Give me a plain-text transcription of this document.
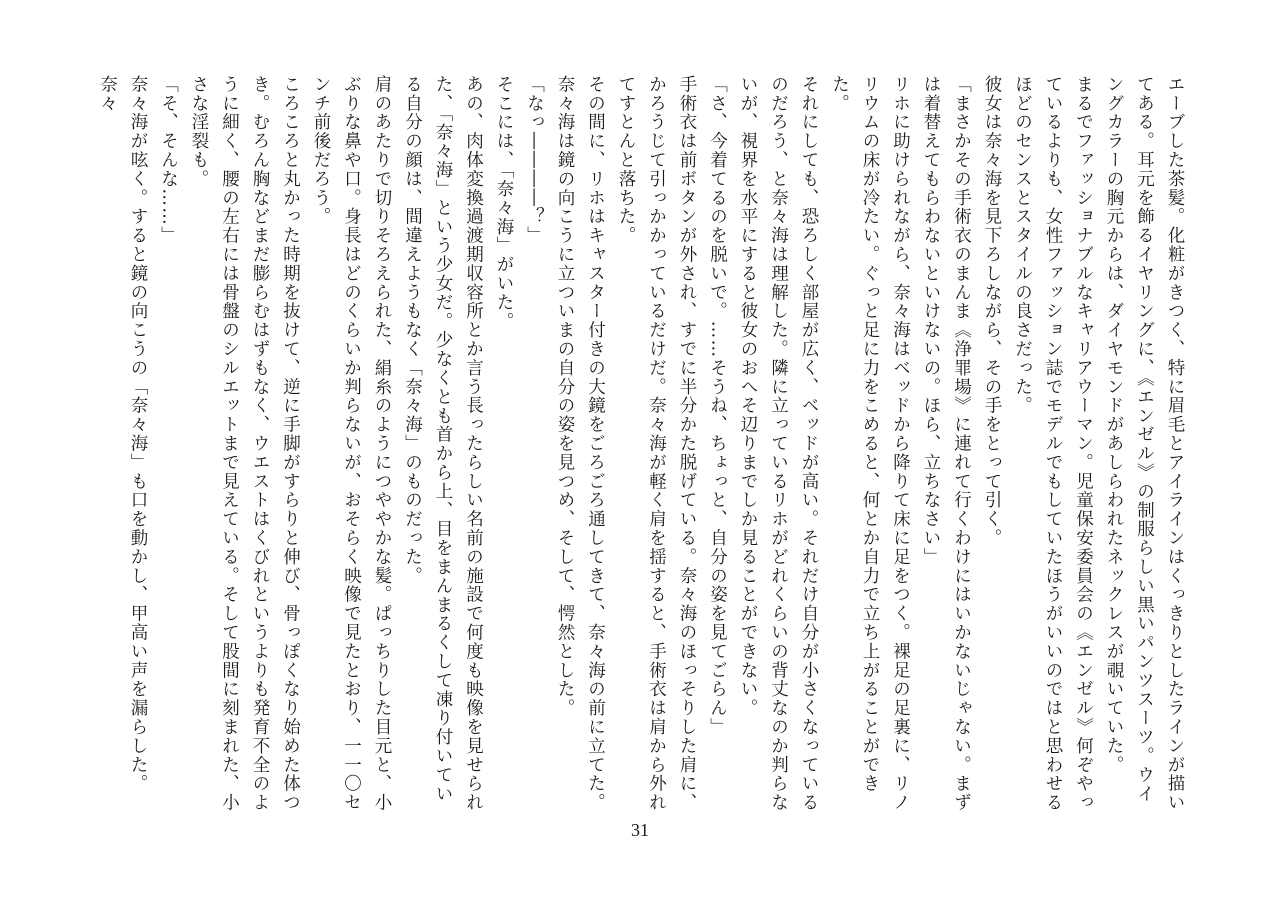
エーブした茶髪。化粧がきつく、特に眉毛とアイラインはくっきりとしたラインが描いてある。耳元を飾るイヤリングに、《エンゼル》の制服らしい黒いパンツスーツ。ウイングカラーの胸元からは、ダイヤモンドがあしらわれたネックレスが覗いていた。

まるでファッショナブルなキャリアウーマン。児童保安委員会の《エンゼル》何ぞやっているよりも、女性ファッション誌でモデルでもしていたほうがいいのではと思わせるほどのセンスとスタイルの良さだった。

彼女は奈々海を見下ろしながら、その手をとって引く。

「まさかその手術衣のまんま《浄罪場》に連れて行くわけにはいかないじゃない。まずは着替えてもらわないといけないの。ほら、立ちなさい」

リホに助けられながら、奈々海はベッドから降りて床に足をつく。裸足の足裏に、リノリウムの床が冷たい。ぐっと足に力をこめると、何とか自力で立ち上がることができた。

それにしても、恐ろしく部屋が広く、ベッドが高い。それだけ自分が小さくなっているのだろう、と奈々海は理解した。隣に立っているリホがどれくらいの背丈なのか判らないが、視界を水平にすると彼女のおへそ辺りまでしか見ることができない。

「さ、今着てるのを脱いで。……そうね、ちょっと、自分の姿を見てごらん」

手術衣は前ボタンが外され、すでに半分かた脱げている。奈々海のほっそりした肩に、かろうじて引っかかっているだけだ。奈々海が軽く肩を揺すると、手術衣は肩から外れてすとんと落ちた。

その間に、リホはキャスター付きの大鏡をごろごろ通してきて、奈々海の前に立てた。奈々海は鏡の向こうに立ついまの自分の姿を見つめ、そして、愕然とした。

「なっ――――？」

そこには、「奈々海」がいた。

あの、肉体変換過渡期収容所とか言う長ったらしい名前の施設で何度も映像を見せられた、「奈々海」という少女だ。少なくとも首から上、目をまんまるくして凍り付いている自分の顔は、間違えようもなく「奈々海」のものだった。

肩のあたりで切りそろえられた、絹糸のようにつややかな髪。ぱっちりした目元と、小ぶりな鼻や口。身長はどのくらいか判らないが、おそらく映像で見たとおり、一一〇センチ前後だろう。

ころころと丸かった時期を抜けて、逆に手脚がすらりと伸び、骨っぽくなり始めた体つき。むろん胸などまだ膨らむはずもなく、ウエストはくびれというよりも発育不全のように細く、腰の左右には骨盤のシルエットまで見えている。そして股間に刻まれた、小さな淫裂も。

「そ、そんな……」

奈々海が呟く。すると鏡の向こうの「奈々海」も口を動かし、甲高い声を漏らした。奈々

31
